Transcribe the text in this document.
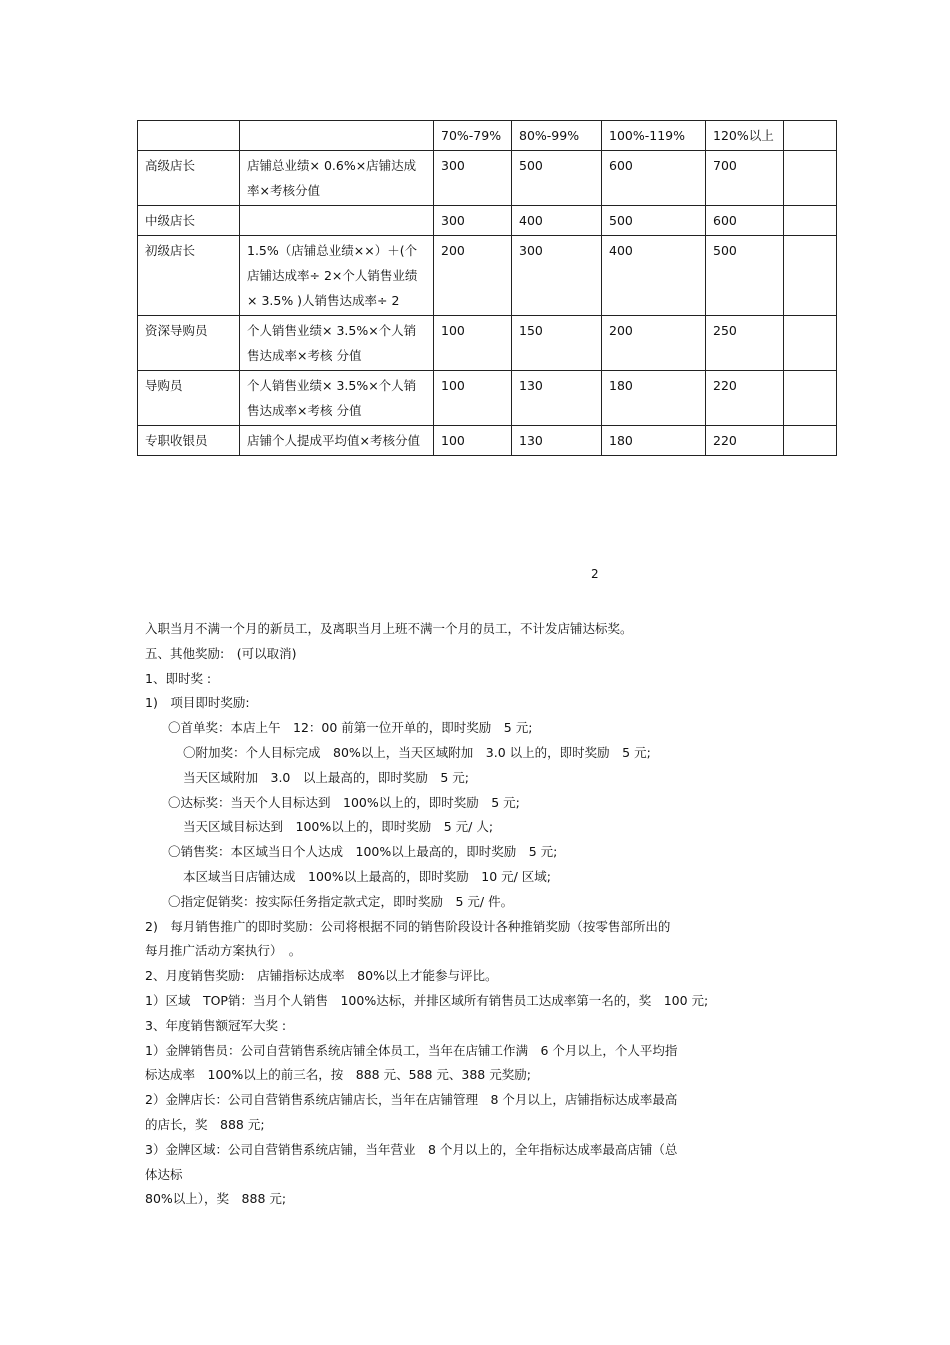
		70%-79%	80%-99%	100%-119%	120%以上	
高级店长	店铺总业绩× 0.6%×店铺达成率×考核分值	300	500	600	700	
中级店长		300	400	500	600	
初级店长	1.5%（店铺总业绩××）＋(个店铺达成率÷ 2×个人销售业绩× 3.5% )人销售达成率÷ 2	200	300	400	500	
资深导购员	个人销售业绩× 3.5%×个人销售达成率×考核 分值	100	150	200	250	
导购员	个人销售业绩× 3.5%×个人销售达成率×考核 分值	100	130	180	220	
专职收银员	店铺个人提成平均值×考核分值	100	130	180	220	
2

入职当月不满一个月的新员工，及离职当月上班不满一个月的员工，不计发店铺达标奖。

五、其他奖励:　(可以取消)

1、即时奖 :

1)　项目即时奖励:

〇首单奖：本店上午　12：00 前第一位开单的，即时奖励　5 元;

〇附加奖：个人目标完成　80%以上，当天区域附加　3.0 以上的，即时奖励　5 元;

当天区域附加　3.0　以上最高的，即时奖励　5 元;

〇达标奖：当天个人目标达到　100%以上的，即时奖励　5 元;

当天区域目标达到　100%以上的，即时奖励　5 元/ 人;

〇销售奖：本区域当日个人达成　100%以上最高的，即时奖励　5 元;

本区域当日店铺达成　100%以上最高的，即时奖励　10 元/ 区域;

〇指定促销奖：按实际任务指定款式定，即时奖励　5 元/ 件。

2)　每月销售推广的即时奖励：公司将根据不同的销售阶段设计各种推销奖励（按零售部所出的

每月推广活动方案执行）　。

2、月度销售奖励:　店铺指标达成率　80%以上才能参与评比。

1）区域　TOP销：当月个人销售　100%达标，并排区域所有销售员工达成率第一名的，奖　100 元;

3、年度销售额冠军大奖 :

1）金牌销售员：公司自营销售系统店铺全体员工，当年在店铺工作满　6 个月以上，个人平均指

标达成率　100%以上的前三名，按　888 元、588 元、388 元奖励;

2）金牌店长：公司自营销售系统店铺店长，当年在店铺管理　8 个月以上，店铺指标达成率最高

的店长，奖　888 元;

3）金牌区域：公司自营销售系统店铺，当年营业　8 个月以上的，全年指标达成率最高店铺（总

体达标

80%以上），奖　888 元;
